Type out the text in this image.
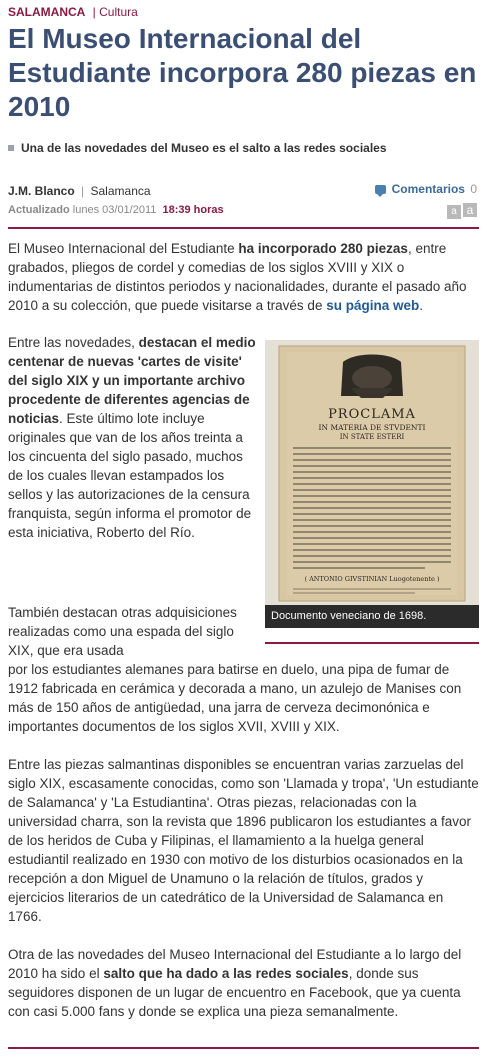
SALAMANCA | Cultura
El Museo Internacional del Estudiante incorpora 280 piezas en 2010

Una de las novedades del Museo es el salto a las redes sociales

J.M. Blanco | Salamanca
Actualizado lunes 03/01/2011 18:39 horas
Comentarios 0
a a

El Museo Internacional del Estudiante ha incorporado 280 piezas, entre grabados, pliegos de cordel y comedias de los siglos XVIII y XIX o indumentarias de distintos periodos y nacionalidades, durante el pasado año 2010 a su colección, que puede visitarse a través de su página web.

Entre las novedades, destacan el medio centenar de nuevas 'cartes de visite' del siglo XIX y un importante archivo procedente de diferentes agencias de noticias. Este último lote incluye originales que van de los años treinta a los cincuenta del siglo pasado, muchos de los cuales llevan estampados los sellos y las autorizaciones de la censura franquista, según informa el promotor de esta iniciativa, Roberto del Río.

PROCLAMA
IN MATERIA DE STVDENTI
IN STATE ESTERI
( ANTONIO GIVSTINIAN Luogotenente )
Documento veneciano de 1698.

También destacan otras adquisiciones realizadas como una espada del siglo XIX, que era usada

por los estudiantes alemanes para batirse en duelo, una pipa de fumar de 1912 fabricada en cerámica y decorada a mano, un azulejo de Manises con más de 150 años de antigüedad, una jarra de cerveza decimonónica e importantes documentos de los siglos XVII, XVIII y XIX.

Entre las piezas salmantinas disponibles se encuentran varias zarzuelas del siglo XIX, escasamente conocidas, como son 'Llamada y tropa', 'Un estudiante de Salamanca' y 'La Estudiantina'. Otras piezas, relacionadas con la universidad charra, son la revista que 1896 publicaron los estudiantes a favor de los heridos de Cuba y Filipinas, el llamamiento a la huelga general estudiantil realizado en 1930 con motivo de los disturbios ocasionados en la recepción a don Miguel de Unamuno o la relación de títulos, grados y ejercicios literarios de un catedrático de la Universidad de Salamanca en 1766.

Otra de las novedades del Museo Internacional del Estudiante a lo largo del 2010 ha sido el salto que ha dado a las redes sociales, donde sus seguidores disponen de un lugar de encuentro en Facebook, que ya cuenta con casi 5.000 fans y donde se explica una pieza semanalmente.
